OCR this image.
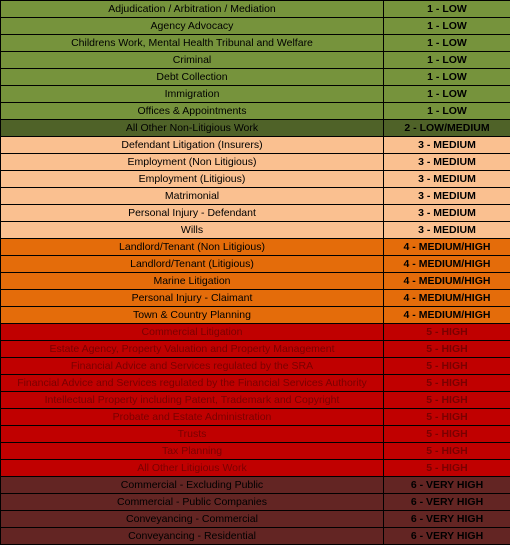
Adjudication / Arbitration / Mediation	1 - LOW
Agency Advocacy	1 - LOW
Childrens Work, Mental Health Tribunal and Welfare	1 - LOW
Criminal	1 - LOW
Debt Collection	1 - LOW
Immigration	1 - LOW
Offices & Appointments	1 - LOW
All Other Non-Litigious Work	2 - LOW/MEDIUM
Defendant Litigation (Insurers)	3 - MEDIUM
Employment (Non Litigious)	3 - MEDIUM
Employment (Litigious)	3 - MEDIUM
Matrimonial	3 - MEDIUM
Personal Injury - Defendant	3 - MEDIUM
Wills	3 - MEDIUM
Landlord/Tenant (Non Litigious)	4 - MEDIUM/HIGH
Landlord/Tenant (Litigious)	4 - MEDIUM/HIGH
Marine Litigation	4 - MEDIUM/HIGH
Personal Injury - Claimant	4 - MEDIUM/HIGH
Town & Country Planning	4 - MEDIUM/HIGH
Commercial Litigation	5 - HIGH
Estate Agency, Property Valuation and Property Management	5 - HIGH
Financial Advice and Services regulated by the SRA	5 - HIGH
Financial Advice and Services regulated by the Financial Services Authority	5 - HIGH
Intellectual Property including Patent, Trademark and Copyright	5 - HIGH
Probate and Estate Administration	5 - HIGH
Trusts	5 - HIGH
Tax Planning	5 - HIGH
All Other Litigious Work	5 - HIGH
Commercial - Excluding Public	6 - VERY HIGH
Commercial - Public Companies	6 - VERY HIGH
Conveyancing - Commercial	6 - VERY HIGH
Conveyancing - Residential	6 - VERY HIGH
